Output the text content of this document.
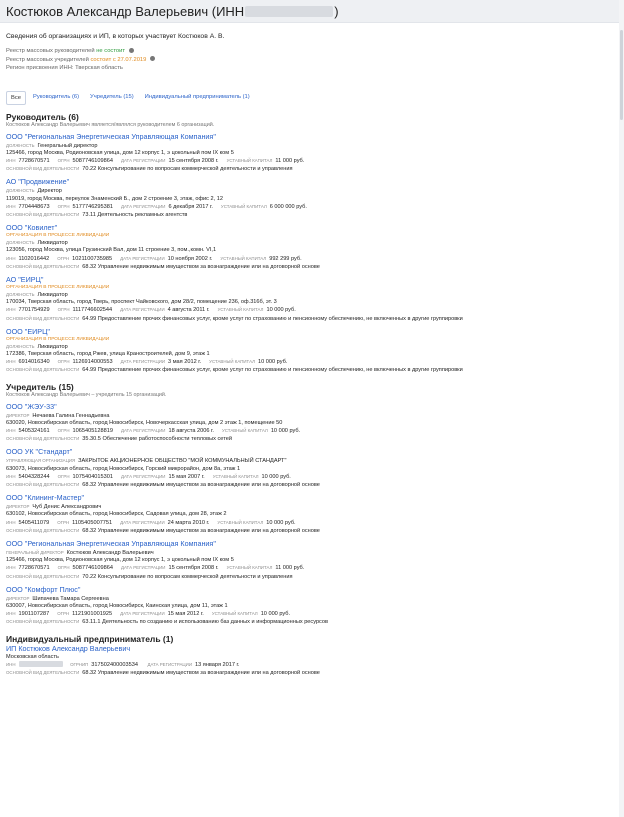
Костюков Александр Валерьевич (ИНН	)
Сведения об организациях и ИП, в которых участвует Костюков А. В.
Реестр массовых руководителей не состоит
Реестр массовых учредителей состоит с 27.07.2019
Регион присвоения ИНН: Тверская область
Все	Руководитель (6)	Учредитель (15)	Индивидуальный предприниматель (1)
Руководитель (6)
Костюков Александр Валерьевич является/являлся руководителем 6 организаций.
ООО "Региональная Энергетическая Управляющая Компания"
ДОЛЖНОСТЬ Генеральный директор
125466, город Москва, Родионовская улица, дом 12 корпус 1, э цокольный пом IX ком 5
ИНН 7728670571 ОГРН 5087746109864 ДАТА РЕГИСТРАЦИИ 15 сентября 2008 г. УСТАВНЫЙ КАПИТАЛ 11 000 руб.
ОСНОВНОЙ ВИД ДЕЯТЕЛЬНОСТИ 70.22 Консультирование по вопросам коммерческой деятельности и управления
АО "Продвижение"
ДОЛЖНОСТЬ Директор
119019, город Москва, переулок Знаменский Б., дом 2 строение 3, этаж, офис 2, 12
ИНН 7704448673 ОГРН 5177746295381 ДАТА РЕГИСТРАЦИИ 6 декабря 2017 г. УСТАВНЫЙ КАПИТАЛ 6 000 000 руб.
ОСНОВНОЙ ВИД ДЕЯТЕЛЬНОСТИ 73.11 Деятельность рекламных агентств
ООО "Ковилет"
ОРГАНИЗАЦИЯ В ПРОЦЕССЕ ЛИКВИДАЦИИ
ДОЛЖНОСТЬ Ликвидатор
123056, город Москва, улица Грузинский Вал, дом 11 строение 3, пом.,комн. VI,1
ИНН 1102016442 ОГРН 1021100735985 ДАТА РЕГИСТРАЦИИ 10 ноября 2002 г. УСТАВНЫЙ КАПИТАЛ 992 299 руб.
ОСНОВНОЙ ВИД ДЕЯТЕЛЬНОСТИ 68.32 Управление недвижимым имуществом за вознаграждение или на договорной основе
АО "ЕИРЦ"
ОРГАНИЗАЦИЯ В ПРОЦЕССЕ ЛИКВИДАЦИИ
ДОЛЖНОСТЬ Ликвидатор
170034, Тверская область, город Тверь, проспект Чайковского, дом 28/2, помещение 236, оф.316б, эт. 3
ИНН 7701754929 ОГРН 1117746602544 ДАТА РЕГИСТРАЦИИ 4 августа 2011 г. УСТАВНЫЙ КАПИТАЛ 10 000 руб.
ОСНОВНОЙ ВИД ДЕЯТЕЛЬНОСТИ 64.99 Предоставление прочих финансовых услуг, кроме услуг по страхованию и пенсионному обеспечению, не включенных в другие группировки
ООО "ЕИРЦ"
ОРГАНИЗАЦИЯ В ПРОЦЕССЕ ЛИКВИДАЦИИ
ДОЛЖНОСТЬ Ликвидатор
172386, Тверская область, город Ржев, улица Краностроителей, дом 9, этаж 1
ИНН 6914016340 ОГРН 1126914000553 ДАТА РЕГИСТРАЦИИ 3 мая 2012 г. УСТАВНЫЙ КАПИТАЛ 10 000 руб.
ОСНОВНОЙ ВИД ДЕЯТЕЛЬНОСТИ 64.99 Предоставление прочих финансовых услуг, кроме услуг по страхованию и пенсионному обеспечению, не включенных в другие группировки
Учредитель (15)
Костюков Александр Валерьевич – учредитель 15 организаций.
ООО "ЖЭУ-33"
ДИРЕКТОР Нечаева Галина Геннадьевна
630020, Новосибирская область, город Новосибирск, Новочеркасская улица, дом 2 этаж 1, помещение 50
ИНН 5405324161 ОГРН 1065405128819 ДАТА РЕГИСТРАЦИИ 18 августа 2006 г. УСТАВНЫЙ КАПИТАЛ 10 000 руб.
ОСНОВНОЙ ВИД ДЕЯТЕЛЬНОСТИ 35.30.5 Обеспечение работоспособности тепловых сетей
ООО УК "Стандарт"
УПРАВЛЯЮЩАЯ ОРГАНИЗАЦИЯ ЗАКРЫТОЕ АКЦИОНЕРНОЕ ОБЩЕСТВО "МОЙ КОММУНАЛЬНЫЙ СТАНДАРТ"
630073, Новосибирская область, город Новосибирск, Горский микрорайон, дом 8а, этаж 1
ИНН 5404328244 ОГРН 1075404015301 ДАТА РЕГИСТРАЦИИ 15 мая 2007 г. УСТАВНЫЙ КАПИТАЛ 10 000 руб.
ОСНОВНОЙ ВИД ДЕЯТЕЛЬНОСТИ 68.32 Управление недвижимым имуществом за вознаграждение или на договорной основе
ООО "Клининг-Мастер"
ДИРЕКТОР Чуб Денис Александрович
630102, Новосибирская область, город Новосибирск, Садовая улица, дом 28, этаж 2
ИНН 5405411079 ОГРН 1105405007751 ДАТА РЕГИСТРАЦИИ 24 марта 2010 г. УСТАВНЫЙ КАПИТАЛ 10 000 руб.
ОСНОВНОЙ ВИД ДЕЯТЕЛЬНОСТИ 68.32 Управление недвижимым имуществом за вознаграждение или на договорной основе
ООО "Региональная Энергетическая Управляющая Компания"
ГЕНЕРАЛЬНЫЙ ДИРЕКТОР Костюков Александр Валерьевич
125466, город Москва, Родионовская улица, дом 12 корпус 1, э цокольный пом IX ком 5
ИНН 7728670571 ОГРН 5087746109864 ДАТА РЕГИСТРАЦИИ 15 сентября 2008 г. УСТАВНЫЙ КАПИТАЛ 11 000 руб.
ОСНОВНОЙ ВИД ДЕЯТЕЛЬНОСТИ 70.22 Консультирование по вопросам коммерческой деятельности и управления
ООО "Комфорт Плюс"
ДИРЕКТОР Шипачева Тамара Сергеевна
630007, Новосибирская область, город Новосибирск, Каинская улица, дом 11, этаж 1
ИНН 1901107287 ОГРН 1121901001925 ДАТА РЕГИСТРАЦИИ 15 мая 2012 г. УСТАВНЫЙ КАПИТАЛ 10 000 руб.
ОСНОВНОЙ ВИД ДЕЯТЕЛЬНОСТИ 63.11.1 Деятельность по созданию и использованию баз данных и информационных ресурсов
Индивидуальный предприниматель (1)
ИП Костюков Александр Валерьевич
Московская область
ИНН	ОГРНИП 317502400003534 ДАТА РЕГИСТРАЦИИ 13 января 2017 г.
ОСНОВНОЙ ВИД ДЕЯТЕЛЬНОСТИ 68.32 Управление недвижимым имуществом за вознаграждение или на договорной основе
